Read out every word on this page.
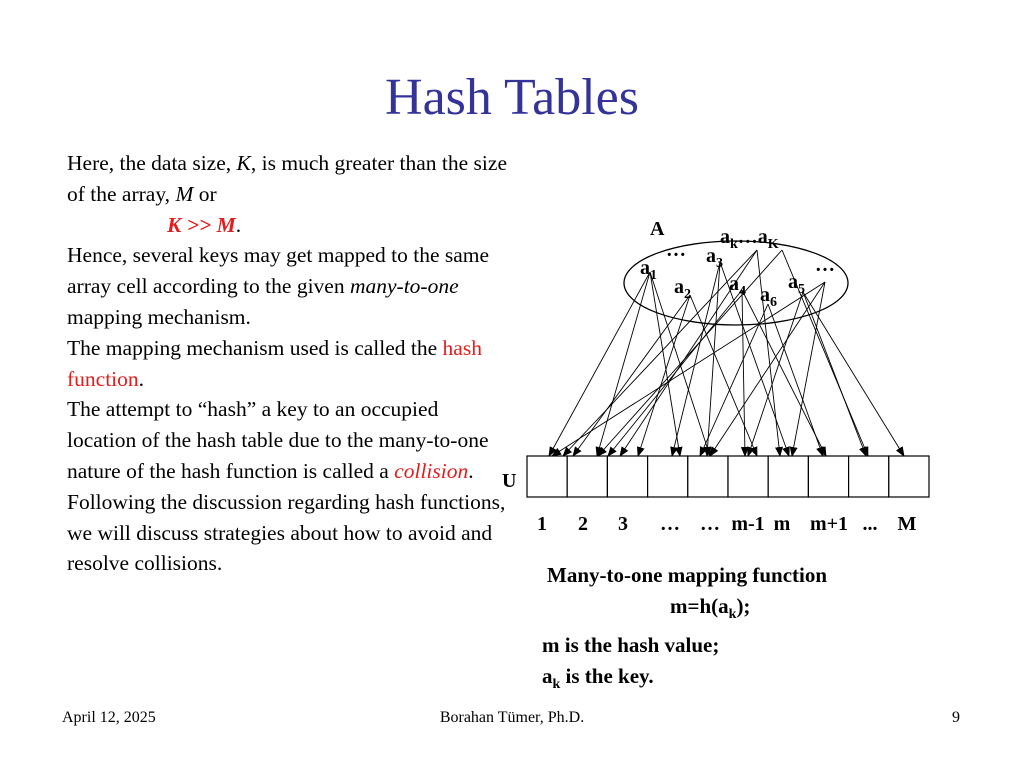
Hash Tables

Here, the data size, K, is much greater than the size of the array, M or

K >> M.

Hence, several keys may get mapped to the same array cell according to the given many-to-one mapping mechanism.

The mapping mechanism used is called the hash function.

The attempt to “hash” a key to an occupied location of the hash table due to the many-to-one nature of the hash function is called a collision.

Following the discussion regarding hash functions, we will discuss strategies about how to avoid and resolve collisions.

A
U
…
…
$a_k\dots a_K$
$a_1$
$a_2$
$a_3$
$a_4$ $a_5$
$a_6$
1 2 3 … … m-1 m m+1 ... M
Many-to-one mapping function
$m=h(a_k)$;
m is the hash value;
$a_k$ is the key.
April 12, 2025	Borahan Tümer, Ph.D.	9
